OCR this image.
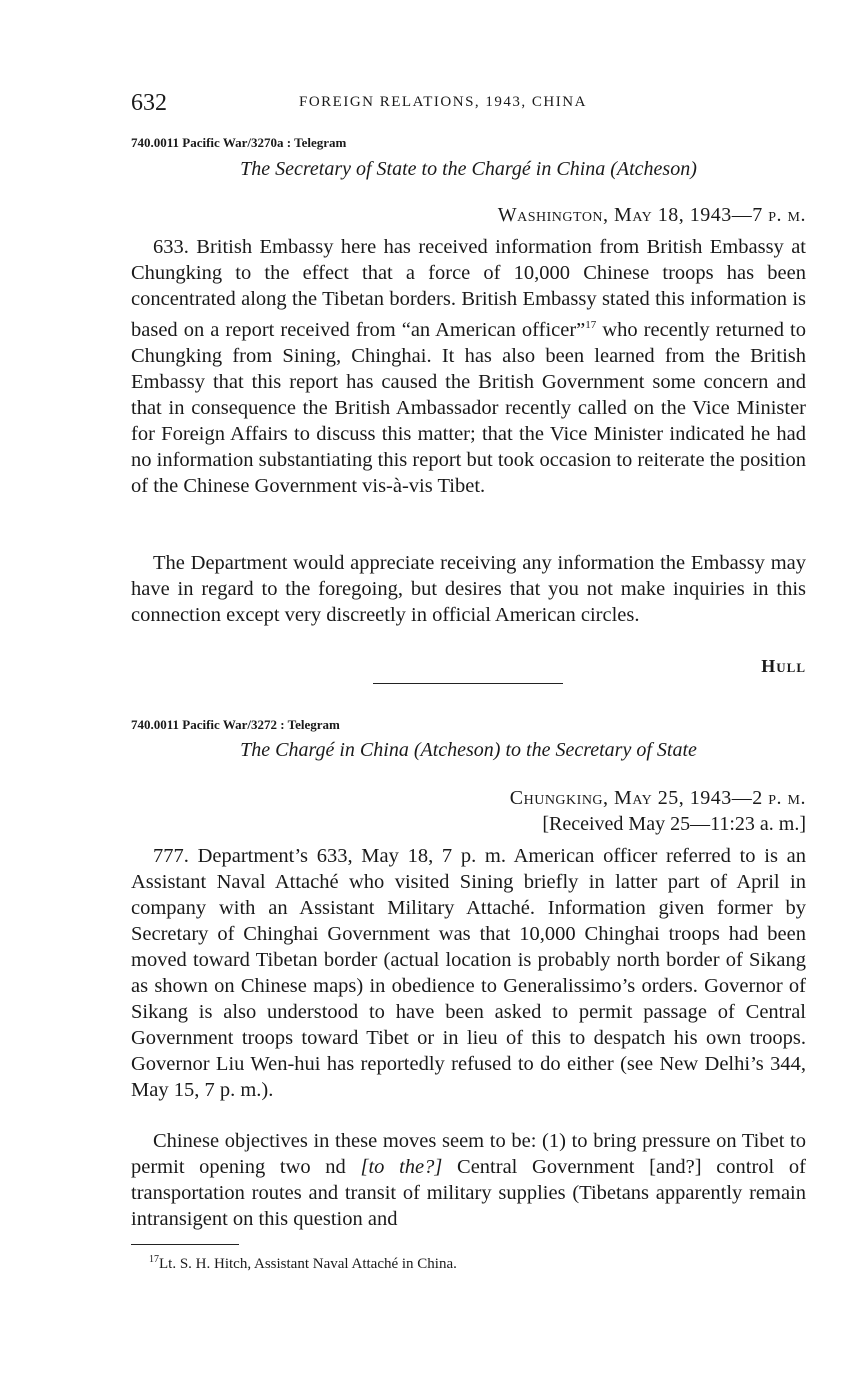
632	FOREIGN RELATIONS, 1943, CHINA
740.0011 Pacific War/3270a : Telegram
The Secretary of State to the Chargé in China (Atcheson)
Washington, May 18, 1943—7 p. m.

633. British Embassy here has received information from British Embassy at Chungking to the effect that a force of 10,000 Chinese troops has been concentrated along the Tibetan borders. British Embassy stated this information is based on a report received from “an American officer”$^{17}$ who recently returned to Chungking from Sining, Chinghai. It has also been learned from the British Embassy that this report has caused the British Government some concern and that in consequence the British Ambassador recently called on the Vice Minister for Foreign Affairs to discuss this matter; that the Vice Minister indicated he had no information substantiating this report but took occasion to reiterate the position of the Chinese Government vis-à-vis Tibet.

The Department would appreciate receiving any information the Embassy may have in regard to the foregoing, but desires that you not make inquiries in this connection except very discreetly in official American circles.

Hull
740.0011 Pacific War/3272 : Telegram
The Chargé in China (Atcheson) to the Secretary of State
Chungking, May 25, 1943—2 p. m.
[Received May 25—11:23 a. m.]

777. Department’s 633, May 18, 7 p. m. American officer referred to is an Assistant Naval Attaché who visited Sining briefly in latter part of April in company with an Assistant Military Attaché. Information given former by Secretary of Chinghai Government was that 10,000 Chinghai troops had been moved toward Tibetan border (actual location is probably north border of Sikang as shown on Chinese maps) in obedience to Generalissimo’s orders. Governor of Sikang is also understood to have been asked to permit passage of Central Government troops toward Tibet or in lieu of this to despatch his own troops. Governor Liu Wen-hui has reportedly refused to do either (see New Delhi’s 344, May 15, 7 p. m.).

Chinese objectives in these moves seem to be: (1) to bring pressure on Tibet to permit opening two nd [to the?] Central Government [and?] control of transportation routes and transit of military supplies (Tibetans apparently remain intransigent on this question and

$^{17}$Lt. S. H. Hitch, Assistant Naval Attaché in China.
